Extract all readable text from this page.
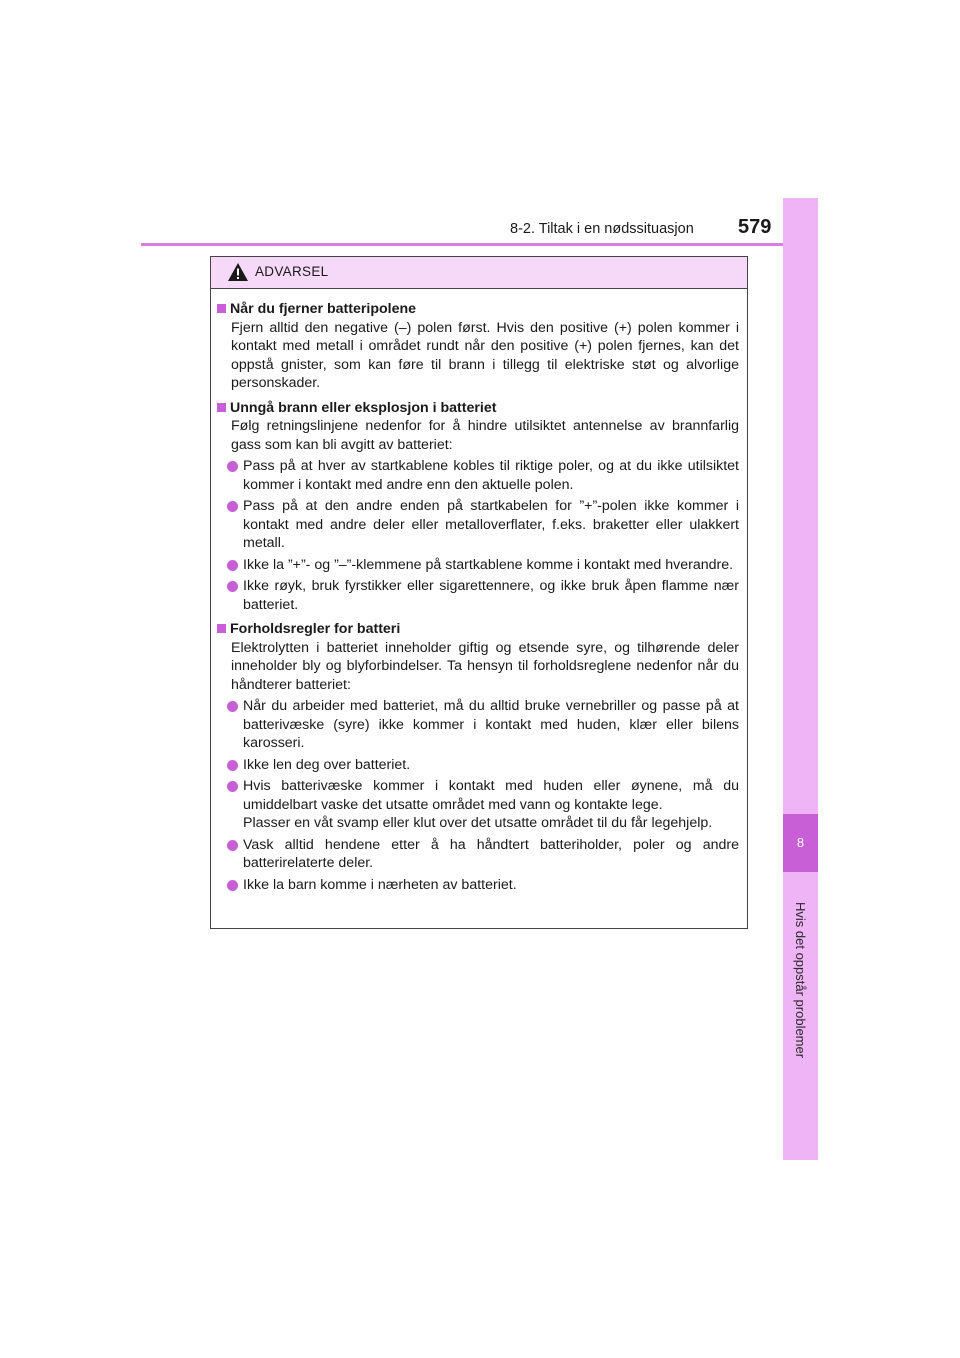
8-2. Tiltak i en nødssituasjon 579
8
Hvis det oppstår problemer
ADVARSEL
Når du fjerner batteripolene
Fjern alltid den negative (–) polen først. Hvis den positive (+) polen kommer i kontakt med metall i området rundt når den positive (+) polen fjernes, kan det oppstå gnister, som kan føre til brann i tillegg til elektriske støt og alvorlige personskader.
Unngå brann eller eksplosjon i batteriet
Følg retningslinjene nedenfor for å hindre utilsiktet antennelse av brannfarlig gass som kan bli avgitt av batteriet:
Pass på at hver av startkablene kobles til riktige poler, og at du ikke utilsiktet kommer i kontakt med andre enn den aktuelle polen.
Pass på at den andre enden på startkabelen for ”+”-polen ikke kommer i kontakt med andre deler eller metalloverflater, f.eks. braketter eller ulakkert metall.
Ikke la ”+”- og ”–”-klemmene på startkablene komme i kontakt med hverandre.
Ikke røyk, bruk fyrstikker eller sigarettennere, og ikke bruk åpen flamme nær batteriet.
Forholdsregler for batteri
Elektrolytten i batteriet inneholder giftig og etsende syre, og tilhørende deler inneholder bly og blyforbindelser. Ta hensyn til forholdsreglene nedenfor når du håndterer batteriet:
Når du arbeider med batteriet, må du alltid bruke vernebriller og passe på at batterivæske (syre) ikke kommer i kontakt med huden, klær eller bilens karosseri.
Ikke len deg over batteriet.
Hvis batterivæske kommer i kontakt med huden eller øynene, må du umiddelbart vaske det utsatte området med vann og kontakte lege.
Plasser en våt svamp eller klut over det utsatte området til du får legehjelp.
Vask alltid hendene etter å ha håndtert batteriholder, poler og andre batterirelaterte deler.
Ikke la barn komme i nærheten av batteriet.
